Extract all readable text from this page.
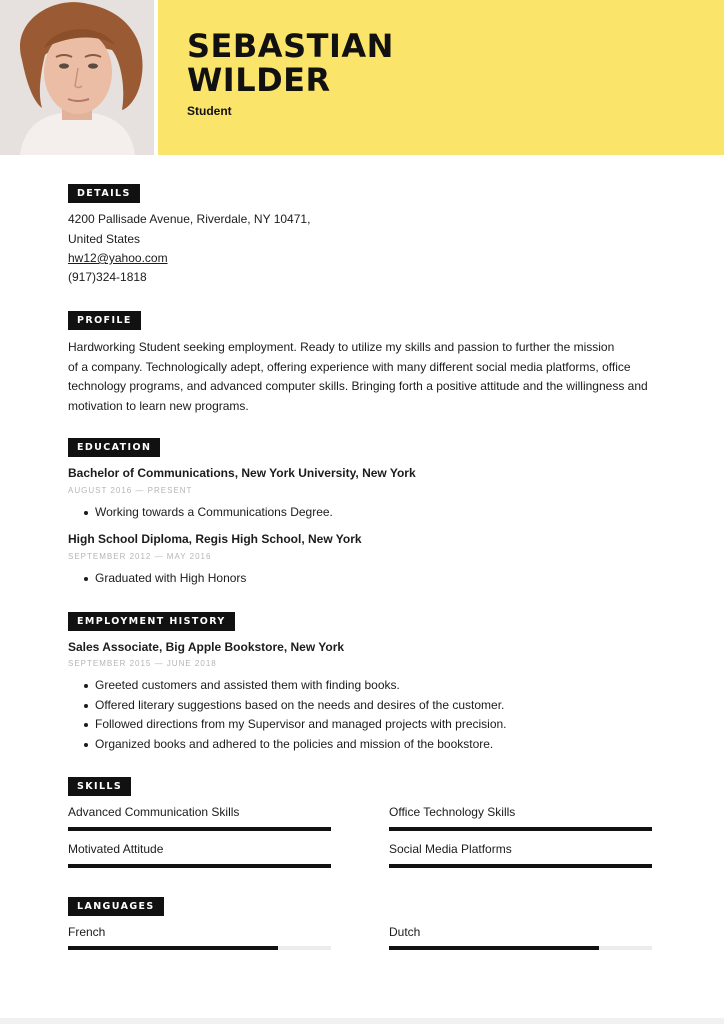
SEBASTIAN
WILDER
Student
DETAILS
4200 Pallisade Avenue, Riverdale, NY 10471,
United States
hw12@yahoo.com
(917)324-1818
PROFILE
Hardworking Student seeking employment. Ready to utilize my skills and passion to further the mission
of a company. Technologically adept, offering experience with many different social media platforms, office
technology programs, and advanced computer skills. Bringing forth a positive attitude and the willingness and
motivation to learn new programs.
EDUCATION
Bachelor of Communications, New York University, New York
AUGUST 2016 — PRESENT
Working towards a Communications Degree.
High School Diploma, Regis High School, New York
SEPTEMBER 2012 — MAY 2016
Graduated with High Honors
EMPLOYMENT HISTORY
Sales Associate, Big Apple Bookstore, New York
SEPTEMBER 2015 — JUNE 2018
Greeted customers and assisted them with finding books.
Offered literary suggestions based on the needs and desires of the customer.
Followed directions from my Supervisor and managed projects with precision.
Organized books and adhered to the policies and mission of the bookstore.
SKILLS
Advanced Communication Skills	Office Technology Skills
Motivated Attitude	Social Media Platforms
LANGUAGES
French	Dutch
